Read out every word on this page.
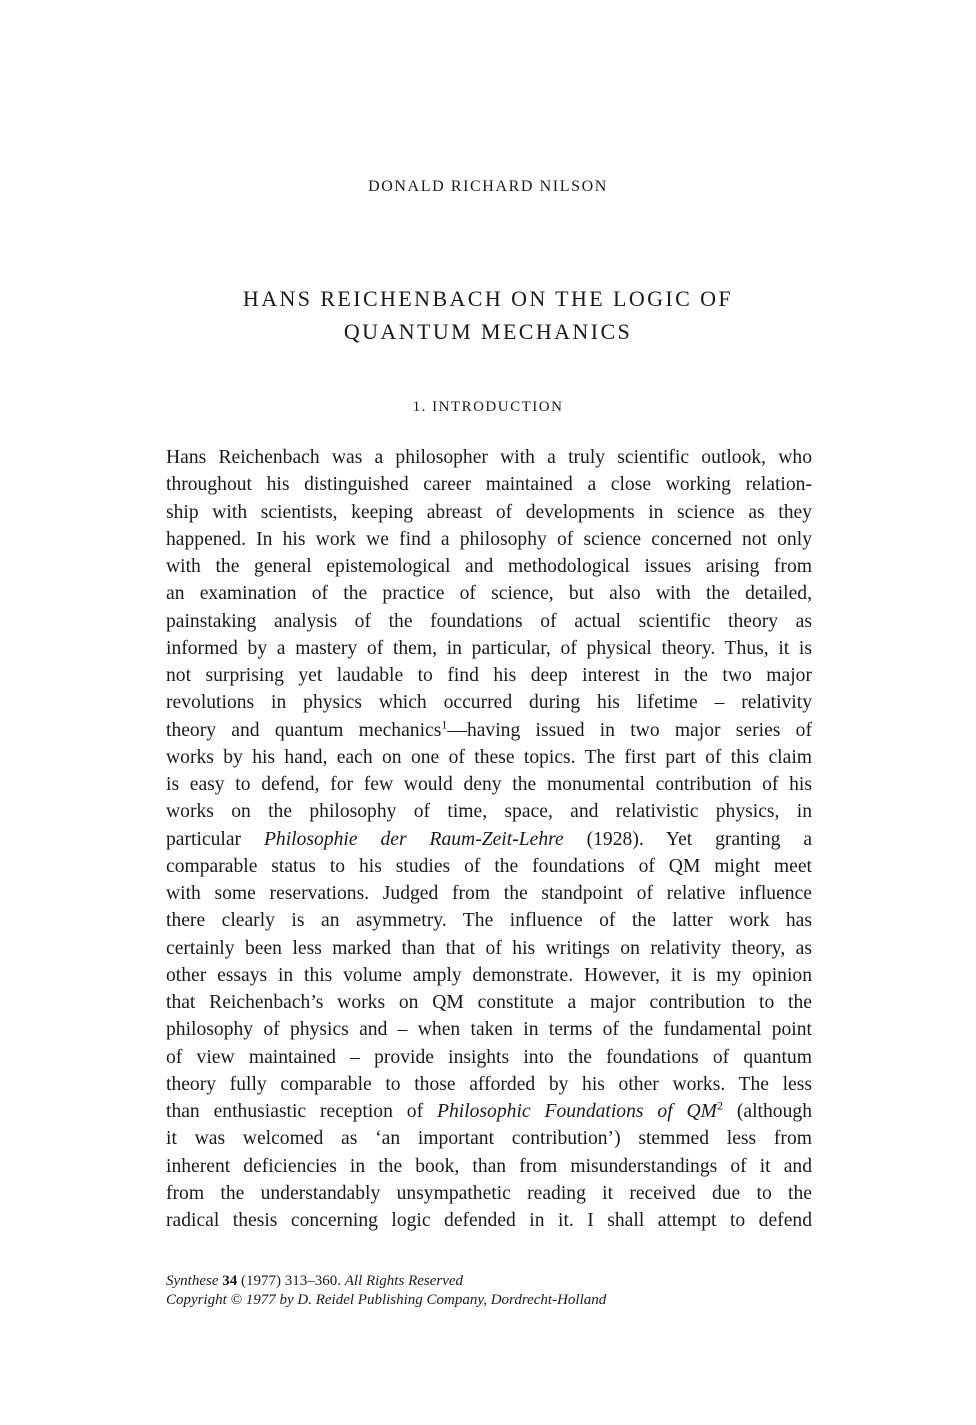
DONALD RICHARD NILSON
HANS REICHENBACH ON THE LOGIC OF
QUANTUM MECHANICS
1. INTRODUCTION
Hans Reichenbach was a philosopher with a truly scientific outlook, who
throughout his distinguished career maintained a close working relation-
ship with scientists, keeping abreast of developments in science as they
happened. In his work we find a philosophy of science concerned not only
with the general epistemological and methodological issues arising from
an examination of the practice of science, but also with the detailed,
painstaking analysis of the foundations of actual scientific theory as
informed by a mastery of them, in particular, of physical theory. Thus, it is
not surprising yet laudable to find his deep interest in the two major
revolutions in physics which occurred during his lifetime – relativity
theory and quantum mechanics$^1$—having issued in two major series of
works by his hand, each on one of these topics. The first part of this claim
is easy to defend, for few would deny the monumental contribution of his
works on the philosophy of time, space, and relativistic physics, in
particular Philosophie der Raum-Zeit-Lehre (1928). Yet granting a
comparable status to his studies of the foundations of QM might meet
with some reservations. Judged from the standpoint of relative influence
there clearly is an asymmetry. The influence of the latter work has
certainly been less marked than that of his writings on relativity theory, as
other essays in this volume amply demonstrate. However, it is my opinion
that Reichenbach’s works on QM constitute a major contribution to the
philosophy of physics and – when taken in terms of the fundamental point
of view maintained – provide insights into the foundations of quantum
theory fully comparable to those afforded by his other works. The less
than enthusiastic reception of Philosophic Foundations of $QM^2$ (although
it was welcomed as ‘an important contribution’) stemmed less from
inherent deficiencies in the book, than from misunderstandings of it and
from the understandably unsympathetic reading it received due to the
radical thesis concerning logic defended in it. I shall attempt to defend
Synthese 34 (1977) 313–360. All Rights Reserved
Copyright © 1977 by D. Reidel Publishing Company, Dordrecht-Holland
